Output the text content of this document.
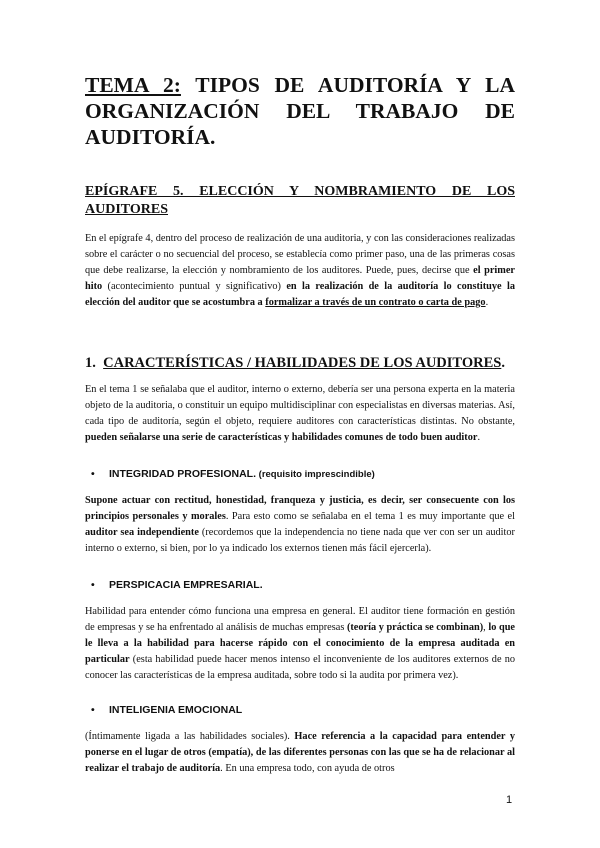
TEMA 2: TIPOS DE AUDITORÍA Y LA ORGANIZACIÓN DEL TRABAJO DE AUDITORÍA.
EPÍGRAFE 5. ELECCIÓN Y NOMBRAMIENTO DE LOS AUDITORES

En el epígrafe 4, dentro del proceso de realización de una auditoria, y con las consideraciones realizadas sobre el carácter o no secuencial del proceso, se establecía como primer paso, una de las primeras cosas que debe realizarse, la elección y nombramiento de los auditores. Puede, pues, decirse que el primer hito (acontecimiento puntual y significativo) en la realización de la auditoría lo constituye la elección del auditor que se acostumbra a formalizar a través de un contrato o carta de pago.

1. CARACTERÍSTICAS / HABILIDADES DE LOS AUDITORES.

En el tema 1 se señalaba que el auditor, interno o externo, debería ser una persona experta en la materia objeto de la auditoria, o constituir un equipo multidisciplinar con especialistas en diversas materias. Así, cada tipo de auditoría, según el objeto, requiere auditores con características distintas. No obstante, pueden señalarse una serie de características y habilidades comunes de todo buen auditor.

• INTEGRIDAD PROFESIONAL. (requisito imprescindible)

Supone actuar con rectitud, honestidad, franqueza y justicia, es decir, ser consecuente con los principios personales y morales. Para esto como se señalaba en el tema 1 es muy importante que el auditor sea independiente (recordemos que la independencia no tiene nada que ver con ser un auditor interno o externo, si bien, por lo ya indicado los externos tienen más fácil ejercerla).

• PERSPICACIA EMPRESARIAL.

Habilidad para entender cómo funciona una empresa en general. El auditor tiene formación en gestión de empresas y se ha enfrentado al análisis de muchas empresas (teoría y práctica se combinan), lo que le lleva a la habilidad para hacerse rápido con el conocimiento de la empresa auditada en particular (esta habilidad puede hacer menos intenso el inconveniente de los auditores externos de no conocer las características de la empresa auditada, sobre todo si la audita por primera vez).

• INTELIGENIA EMOCIONAL

(Íntimamente ligada a las habilidades sociales). Hace referencia a la capacidad para entender y ponerse en el lugar de otros (empatía), de las diferentes personas con las que se ha de relacionar al realizar el trabajo de auditoría. En una empresa todo, con ayuda de otros

1
